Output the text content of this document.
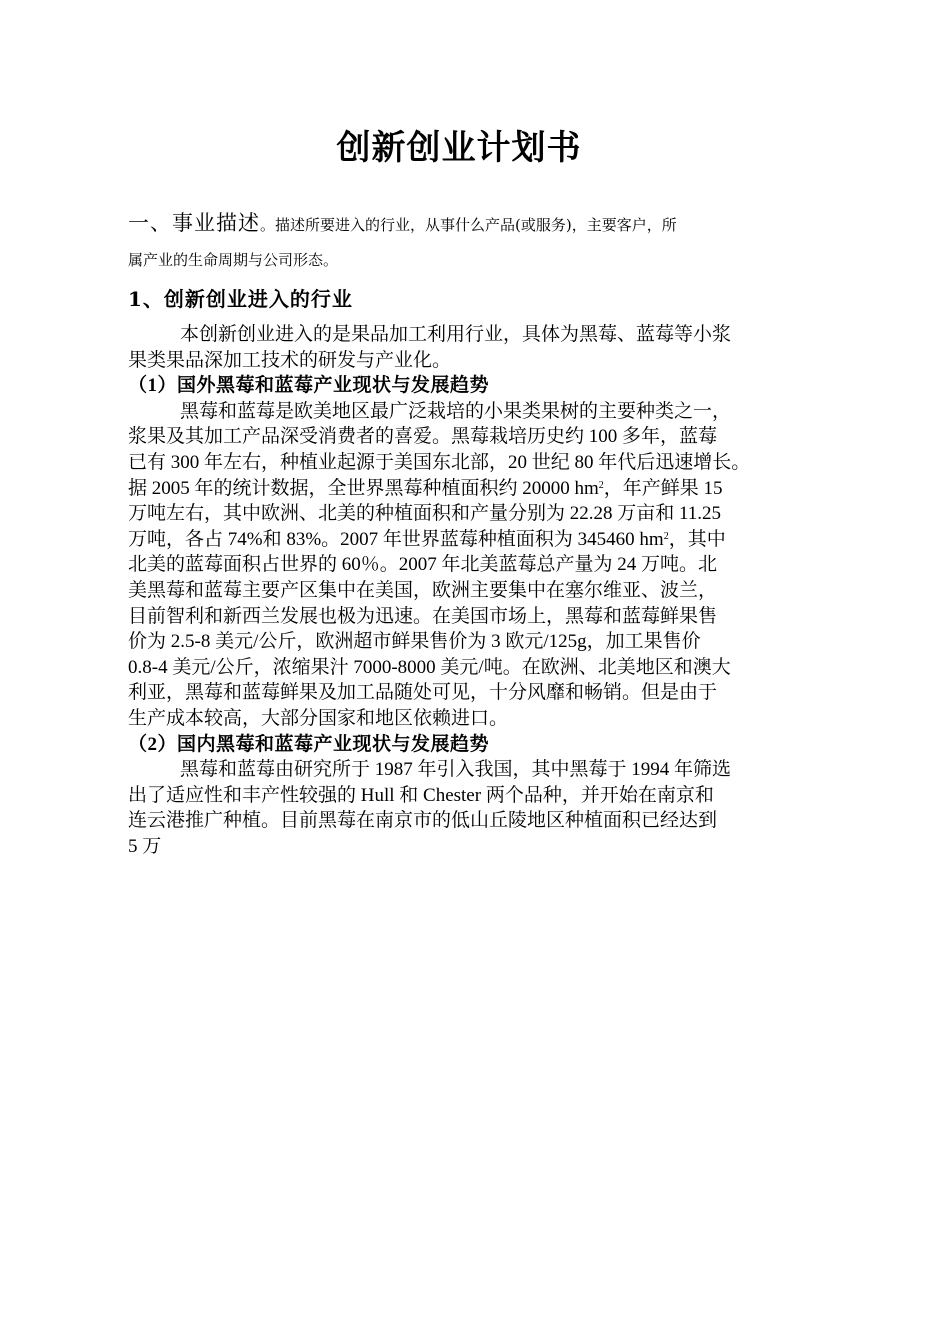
创新创业计划书
一、事业描述。描述所要进入的行业，从事什么产品(或服务)，主要客户，所
属产业的生命周期与公司形态。
1、创新创业进入的行业
本创新创业进入的是果品加工利用行业，具体为黑莓、蓝莓等小浆
果类果品深加工技术的研发与产业化。
（1）国外黑莓和蓝莓产业现状与发展趋势
黑莓和蓝莓是欧美地区最广泛栽培的小果类果树的主要种类之一，
浆果及其加工产品深受消费者的喜爱。黑莓栽培历史约 100 多年，蓝莓
已有 300 年左右，种植业起源于美国东北部，20 世纪 80 年代后迅速增长。
据 2005 年的统计数据，全世界黑莓种植面积约 20000 $hm^2$，年产鲜果 15
万吨左右，其中欧洲、北美的种植面积和产量分别为 22.28 万亩和 11.25
万吨，各占 74%和 83%。2007 年世界蓝莓种植面积为 345460 $hm^2$，其中
北美的蓝莓面积占世界的 60％。2007 年北美蓝莓总产量为 24 万吨。北
美黑莓和蓝莓主要产区集中在美国，欧洲主要集中在塞尔维亚、波兰，
目前智利和新西兰发展也极为迅速。在美国市场上，黑莓和蓝莓鲜果售
价为 2.5-8 美元/公斤，欧洲超市鲜果售价为 3 欧元/125g，加工果售价
0.8-4 美元/公斤，浓缩果汁 7000-8000 美元/吨。在欧洲、北美地区和澳大
利亚，黑莓和蓝莓鲜果及加工品随处可见，十分风靡和畅销。但是由于
生产成本较高，大部分国家和地区依赖进口。
（2）国内黑莓和蓝莓产业现状与发展趋势
黑莓和蓝莓由研究所于 1987 年引入我国，其中黑莓于 1994 年筛选
出了适应性和丰产性较强的 Hull 和 Chester 两个品种，并开始在南京和
连云港推广种植。目前黑莓在南京市的低山丘陵地区种植面积已经达到
5 万
